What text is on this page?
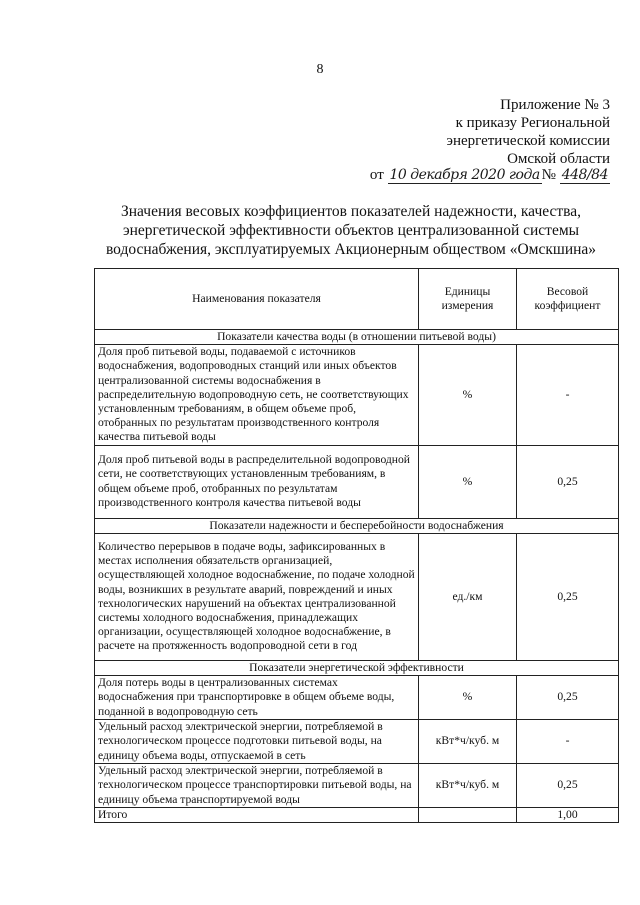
8
Приложение № 3
к приказу Региональной
энергетической комиссии
Омской области
от 10 декабря 2020 года № 448/84
Значения весовых коэффициентов показателей надежности, качества,
энергетической эффективности объектов централизованной системы
водоснабжения, эксплуатируемых Акционерным обществом «Омскшина»
Наименования показателя	Единицы измерения	Весовой коэффициент
Показатели качества воды (в отношении питьевой воды)		
Доля проб питьевой воды, подаваемой с источников водоснабжения, водопроводных станций или иных объектов централизованной системы водоснабжения в распределительную водопроводную сеть, не соответствующих установленным требованиям, в общем объеме проб, отобранных по результатам производственного контроля качества питьевой воды	%	-
Доля проб питьевой воды в распределительной водопроводной сети, не соответствующих установленным требованиям, в общем объеме проб, отобранных по результатам производственного контроля качества питьевой воды	%	0,25
Показатели надежности и бесперебойности водоснабжения		
Количество перерывов в подаче воды, зафиксированных в местах исполнения обязательств организацией, осуществляющей холодное водоснабжение, по подаче холодной воды, возникших в результате аварий, повреждений и иных технологических нарушений на объектах централизованной системы холодного водоснабжения, принадлежащих организации, осуществляющей холодное водоснабжение, в расчете на протяженность водопроводной сети в год	ед./км	0,25
Показатели энергетической эффективности		
Доля потерь воды в централизованных системах водоснабжения при транспортировке в общем объеме воды, поданной в водопроводную сеть	%	0,25
Удельный расход электрической энергии, потребляемой в технологическом процессе подготовки питьевой воды, на единицу объема воды, отпускаемой в сеть	кВт*ч/куб. м	-
Удельный расход электрической энергии, потребляемой в технологическом процессе транспортировки питьевой воды, на единицу объема транспортируемой воды	кВт*ч/куб. м	0,25
Итого		1,00
